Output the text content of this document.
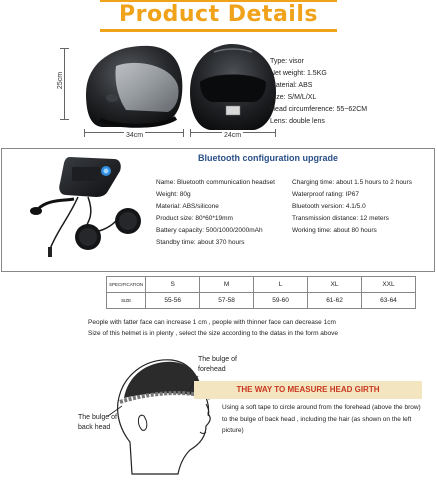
Product Details
25cm
34cm	24cm
Type: visor
Net weight: 1.5KG
Material: ABS
Size: S/M/L/XL
Head circumference: 55~62CM
Lens: double lens
Bluetooth configuration upgrade
Name: Bluetooth communication headset
Weight: 80g
Material: ABS/silicone
Product size: 80*60*19mm
Battery capacity: 500/1000/2000mAh
Standby time: about 370 hours
Charging time: about 1.5 hours to 2 hours
Waterproof rating: IP67
Bluetooth version: 4.1/5.0
Transmission distance: 12 meters
Working time: about 80 hours
SPECIFICATION	S	M	L	XL	XXL
SIZE	55-56	57-58	59-60	61-62	63-64
People with fatter face can increase 1 cm , people with thinner face can decrease 1cm
Size of this helmet is in plenty , select the size according to the datas in the form above
The bulge of forehead
The bulge of back head
THE WAY TO MEASURE HEAD GIRTH
Using a soft tape to circle around from the forehead (above the brow) to the bulge of back head , including the hair (as shown on the left picture)
